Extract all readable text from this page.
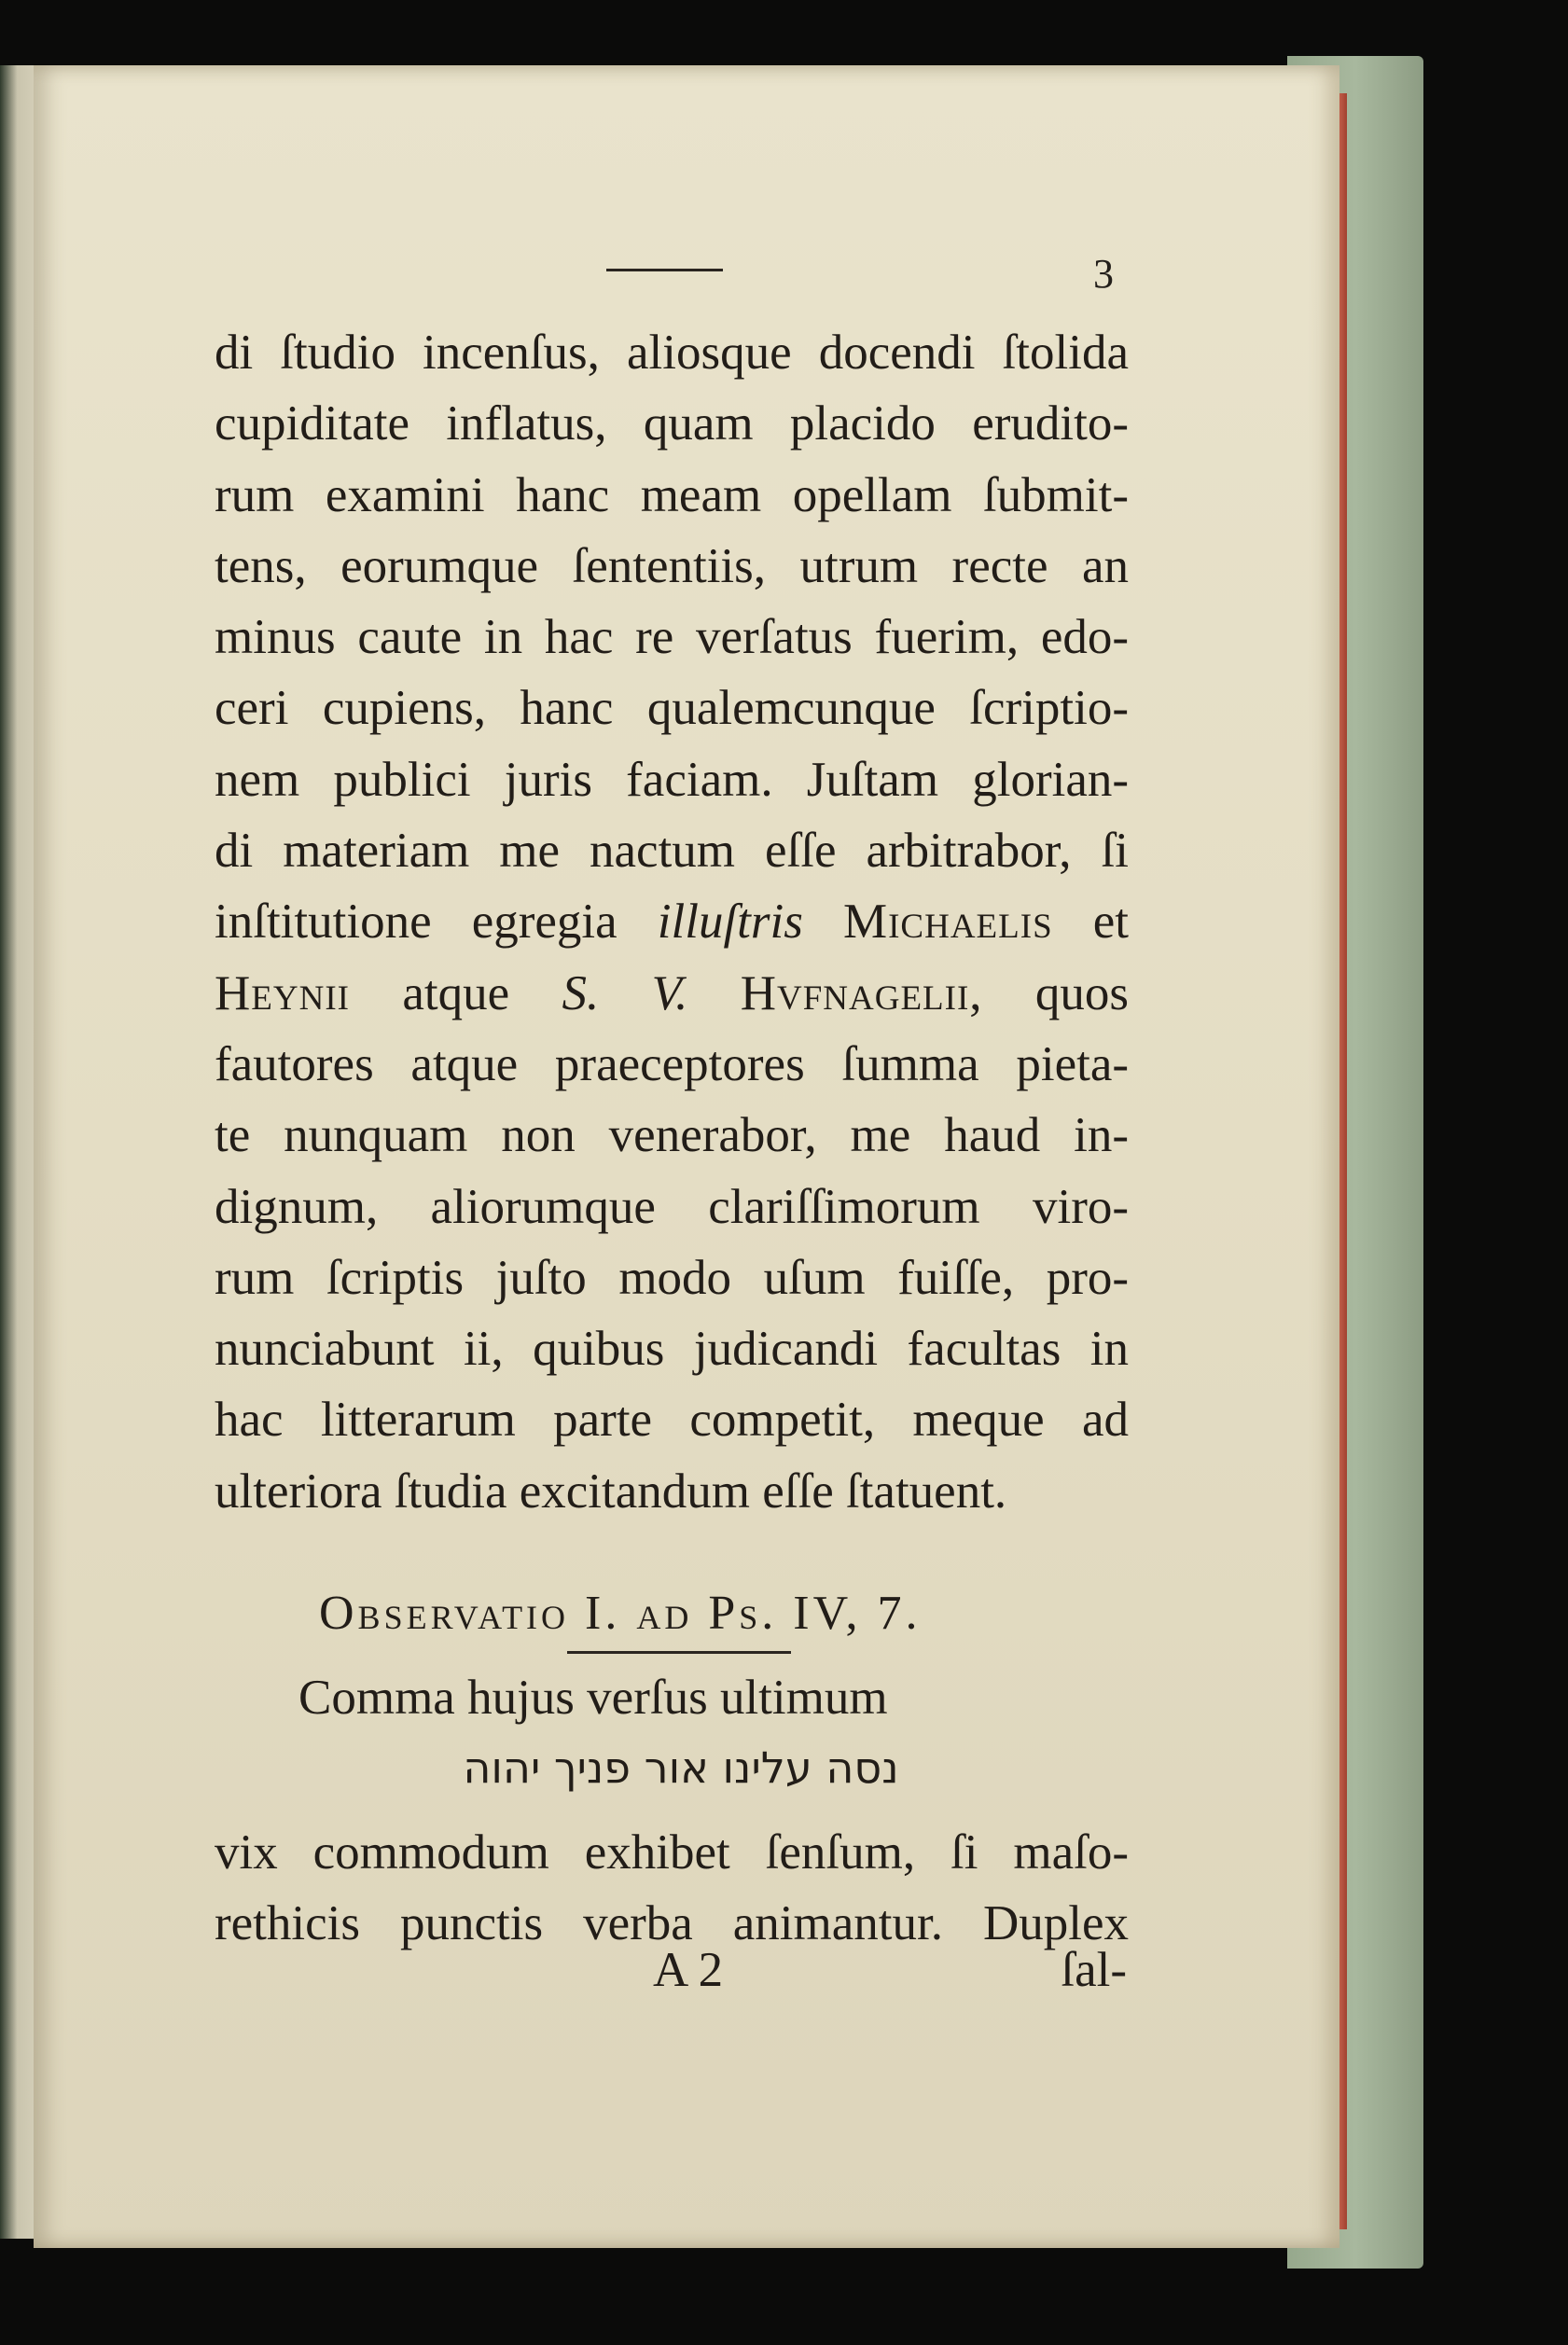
3
di ſtudio incenſus, aliosque docendi ſtolida
cupiditate inflatus, quam placido erudito-
rum examini hanc meam opellam ſubmit-
tens, eorumque ſententiis, utrum recte an
minus caute in hac re verſatus fuerim, edo-
ceri cupiens, hanc qualemcunque ſcriptio-
nem publici juris faciam. Juſtam glorian-
di materiam me nactum eſſe arbitrabor, ſi
inſtitutione egregia illuſtris Michaelis et
Heynii atque S. V. Hvfnagelii, quos
fautores atque praeceptores ſumma pieta-
te nunquam non venerabor, me haud in-
dignum, aliorumque clariſſimorum viro-
rum ſcriptis juſto modo uſum fuiſſe, pro-
nunciabunt ii, quibus judicandi facultas in
hac litterarum parte competit, meque ad
ulteriora ſtudia excitandum eſſe ſtatuent.
Observatio I. ad Ps. IV, 7.
Comma hujus verſus ultimum
נסה עלינו אור פניך יהוה
vix commodum exhibet ſenſum, ſi maſo-
rethicis punctis verba animantur. Duplex
A 2	ſal-
